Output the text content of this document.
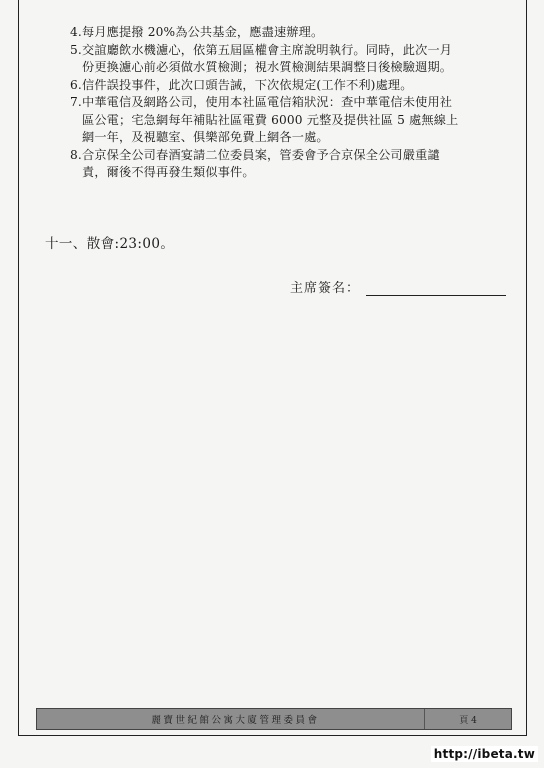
4. 每月應提撥 20%為公共基金，應盡速辦理。
5. 交誼廳飲水機濾心，依第五屆區權會主席說明執行。同時，此次一月
份更換濾心前必須做水質檢測；視水質檢測結果調整日後檢驗週期。
6. 信件誤投事件，此次口頭告誡，下次依規定(工作不利)處理。
7. 中華電信及網路公司，使用本社區電信箱狀況：查中華電信未使用社
區公電；宅急網每年補貼社區電費 6000 元整及提供社區 5 處無線上
網一年，及視聽室、俱樂部免費上網各一處。
8. 合京保全公司春酒宴請二位委員案，管委會予合京保全公司嚴重譴
責，爾後不得再發生類似事件。
十一、散會:23:00。
主席簽名：
麗寶世紀館公寓大廈管理委員會	頁 4
http://ibeta.tw
